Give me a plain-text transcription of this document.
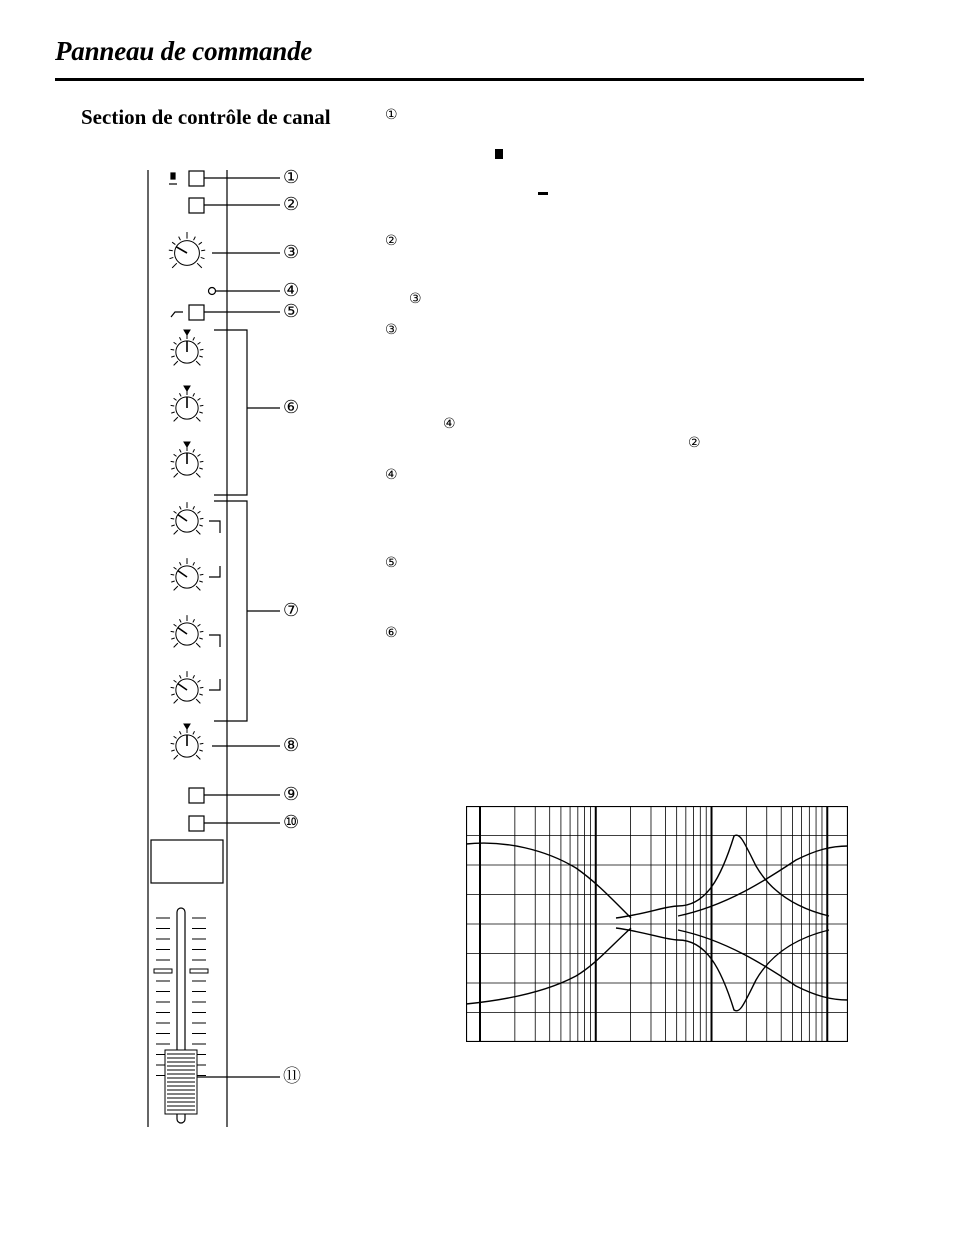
Panneau de commande
Section de contrôle de canal	①
②
③
③
④
②
④
⑤
⑥
①
②
③
④
⑤
⑥
⑦
⑧
⑨
⑩
⑪
